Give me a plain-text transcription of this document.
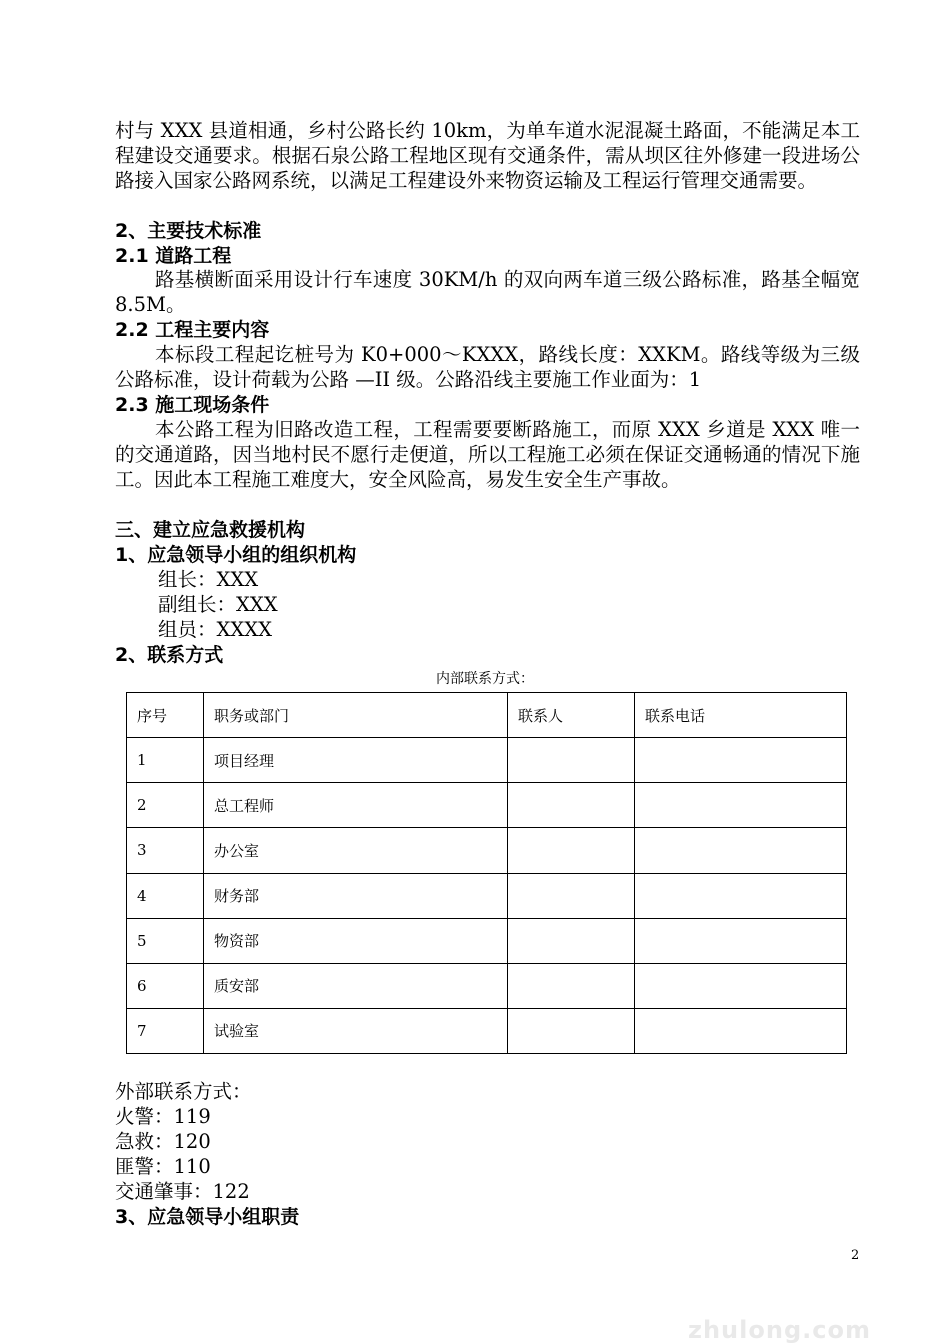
村与 XXX 县道相通，乡村公路长约 10km，为单车道水泥混凝土路面，不能满足本工程建设交通要求。根据石泉公路工程地区现有交通条件，需从坝区往外修建一段进场公路接入国家公路网系统，以满足工程建设外来物资运输及工程运行管理交通需要。

2、主要技术标准

2.1 道路工程

路基横断面采用设计行车速度 30KM/h 的双向两车道三级公路标准，路基全幅宽 8.5M。

2.2 工程主要内容

本标段工程起讫桩号为 K0+000～KXXX，路线长度：XXKM。路线等级为三级公路标准，设计荷载为公路 —II 级。公路沿线主要施工作业面为：1

2.3 施工现场条件

本公路工程为旧路改造工程，工程需要要断路施工，而原 XXX 乡道是 XXX 唯一的交通道路，因当地村民不愿行走便道，所以工程施工必须在保证交通畅通的情况下施工。因此本工程施工难度大，安全风险高，易发生安全生产事故。

三、建立应急救援机构

1、应急领导小组的组织机构

组长：XXX
副组长：XXX
组员：XXXX

2、联系方式

内部联系方式：
序号	职务或部门	联系人	联系电话
1	项目经理		
2	总工程师		
3	办公室		
4	财务部		
5	物资部		
6	质安部		
7	试验室		
外部联系方式：
火警：119
急救：120
匪警：110
交通肇事：122

3、应急领导小组职责

2
zhulong.com
